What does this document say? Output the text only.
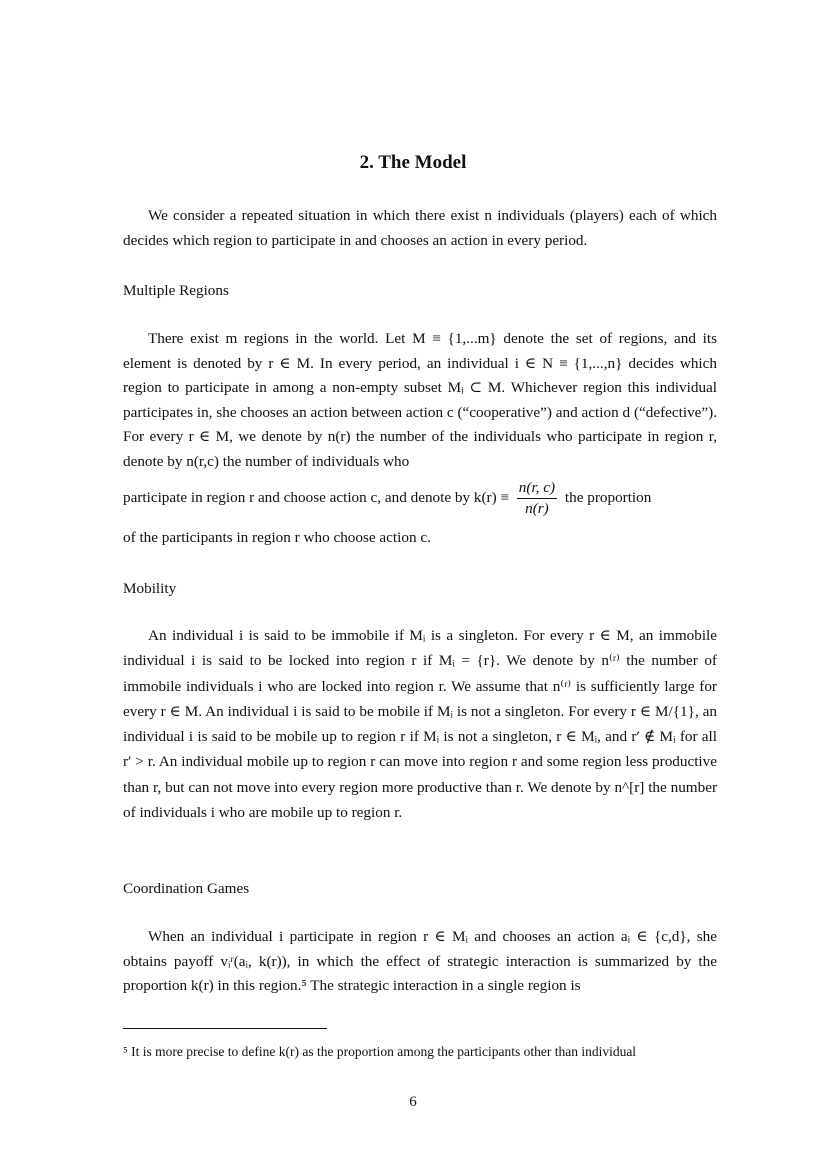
2. The Model

We consider a repeated situation in which there exist n individuals (players) each of which decides which region to participate in and chooses an action in every period.

Multiple Regions

There exist m regions in the world. Let M ≡ {1,...m} denote the set of regions, and its element is denoted by r ∈ M. In every period, an individual i ∈ N ≡ {1,...,n} decides which region to participate in among a non-empty subset Mᵢ ⊂ M. Whichever region this individual participates in, she chooses an action between action c (“cooperative”) and action d (“defective”). For every r ∈ M, we denote by n(r) the number of the individuals who participate in region r, denote by n(r,c) the number of individuals who

participate in region r and choose action c, and denote by $k(r) \equiv \frac{n(r, c)}{n(r)}$ the proportion

of the participants in region r who choose action c.

Mobility

An individual i is said to be immobile if Mᵢ is a singleton. For every r ∈ M, an immobile individual i is said to be locked into region r if Mᵢ = {r}. We denote by n⁽ʳ⁾ the number of immobile individuals i who are locked into region r. We assume that n⁽ʳ⁾ is sufficiently large for every r ∈ M. An individual i is said to be mobile if Mᵢ is not a singleton. For every r ∈ M/{1}, an individual i is said to be mobile up to region r if Mᵢ is not a singleton, r ∈ Mᵢ, and r′ ∉ Mᵢ for all r′ > r. An individual mobile up to region r can move into region r and some region less productive than r, but can not move into every region more productive than r. We denote by n^[r] the number of individuals i who are mobile up to region r.

Coordination Games

When an individual i participate in region r ∈ Mᵢ and chooses an action aᵢ ∈ {c,d}, she obtains payoff vᵢʳ(aᵢ, k(r)), in which the effect of strategic interaction is summarized by the proportion k(r) in this region.⁵ The strategic interaction in a single region is

⁵ It is more precise to define k(r) as the proportion among the participants other than individual

6
